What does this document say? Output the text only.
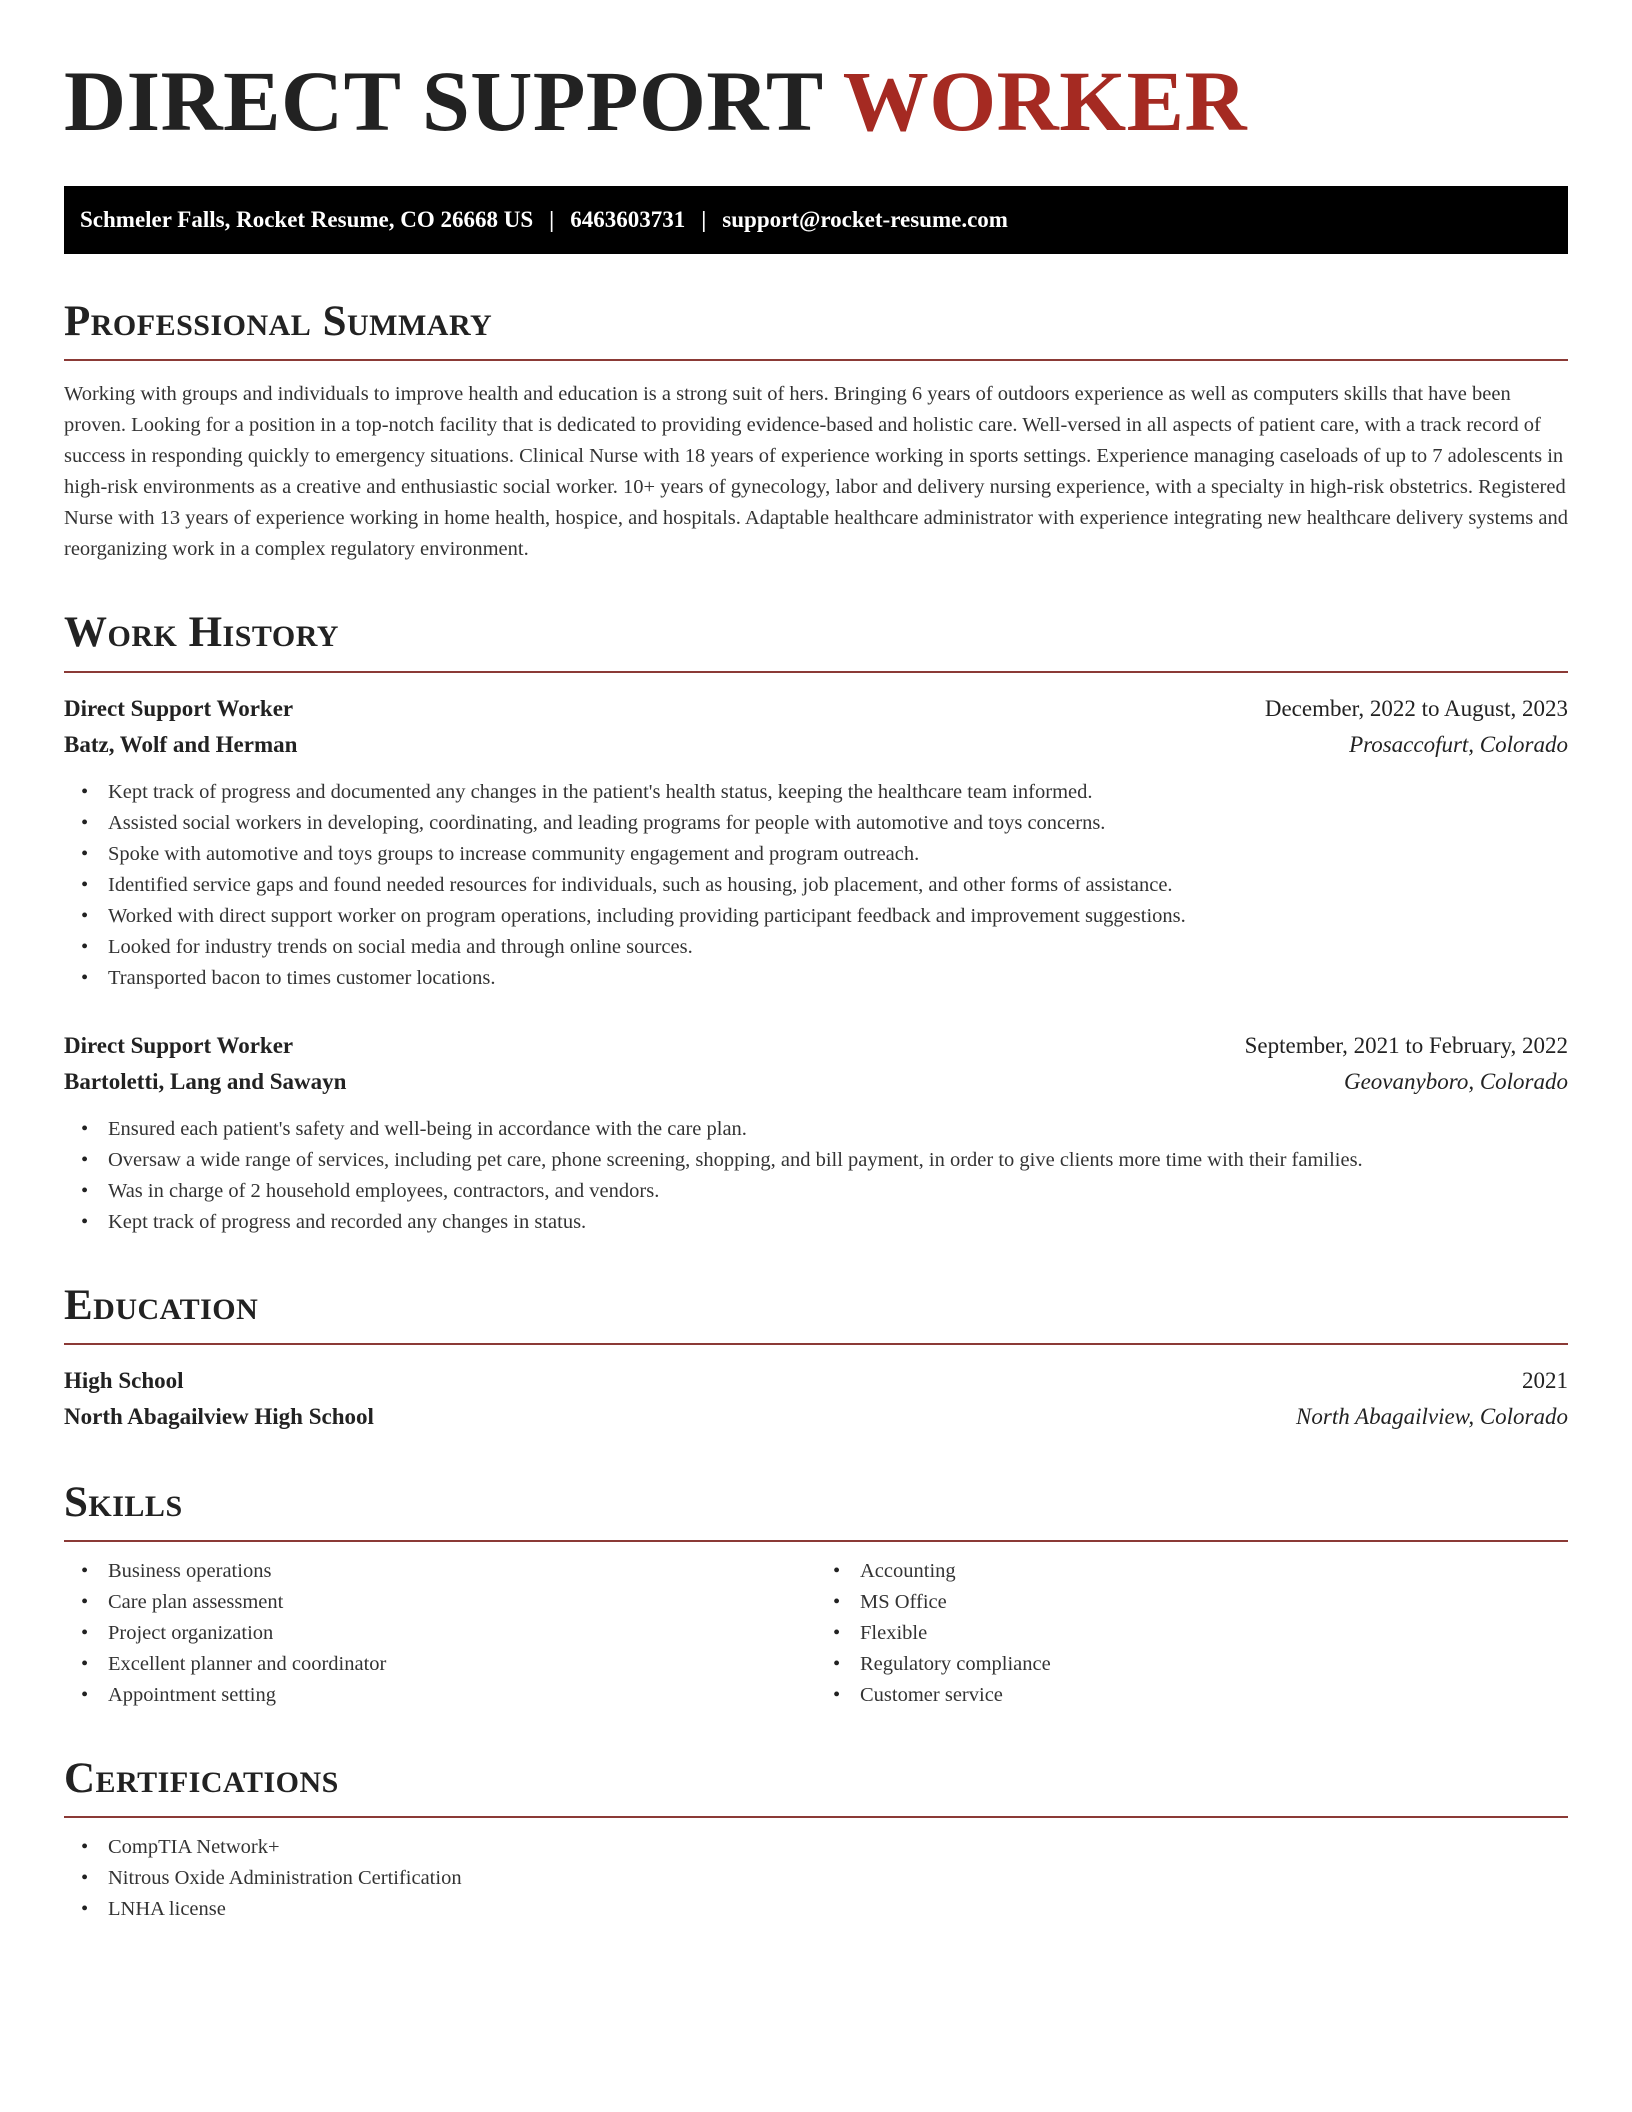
DIRECT SUPPORT WORKER
Schmeler Falls, Rocket Resume, CO 26668 US | 6463603731 | support@rocket-resume.com
Professional Summary

Working with groups and individuals to improve health and education is a strong suit of hers. Bringing 6 years of outdoors experience as well as computers skills that have been proven. Looking for a position in a top-notch facility that is dedicated to providing evidence-based and holistic care. Well-versed in all aspects of patient care, with a track record of success in responding quickly to emergency situations. Clinical Nurse with 18 years of experience working in sports settings. Experience managing caseloads of up to 7 adolescents in high-risk environments as a creative and enthusiastic social worker. 10+ years of gynecology, labor and delivery nursing experience, with a specialty in high-risk obstetrics. Registered Nurse with 13 years of experience working in home health, hospice, and hospitals. Adaptable healthcare administrator with experience integrating new healthcare delivery systems and reorganizing work in a complex regulatory environment.

Work History
Direct Support Worker	December, 2022 to August, 2023
Batz, Wolf and Herman	Prosaccofurt, Colorado
• Kept track of progress and documented any changes in the patient's health status, keeping the healthcare team informed.
• Assisted social workers in developing, coordinating, and leading programs for people with automotive and toys concerns.
• Spoke with automotive and toys groups to increase community engagement and program outreach.
• Identified service gaps and found needed resources for individuals, such as housing, job placement, and other forms of assistance.
• Worked with direct support worker on program operations, including providing participant feedback and improvement suggestions.
• Looked for industry trends on social media and through online sources.
• Transported bacon to times customer locations.
Direct Support Worker	September, 2021 to February, 2022
Bartoletti, Lang and Sawayn	Geovanyboro, Colorado
• Ensured each patient's safety and well-being in accordance with the care plan.
• Oversaw a wide range of services, including pet care, phone screening, shopping, and bill payment, in order to give clients more time with their families.
• Was in charge of 2 household employees, contractors, and vendors.
• Kept track of progress and recorded any changes in status.
Education
High School	2021
North Abagailview High School	North Abagailview, Colorado
Skills
• Business operations
• Care plan assessment
• Project organization
• Excellent planner and coordinator
• Appointment setting
• Accounting
• MS Office
• Flexible
• Regulatory compliance
• Customer service
Certifications
• CompTIA Network+
• Nitrous Oxide Administration Certification
• LNHA license
